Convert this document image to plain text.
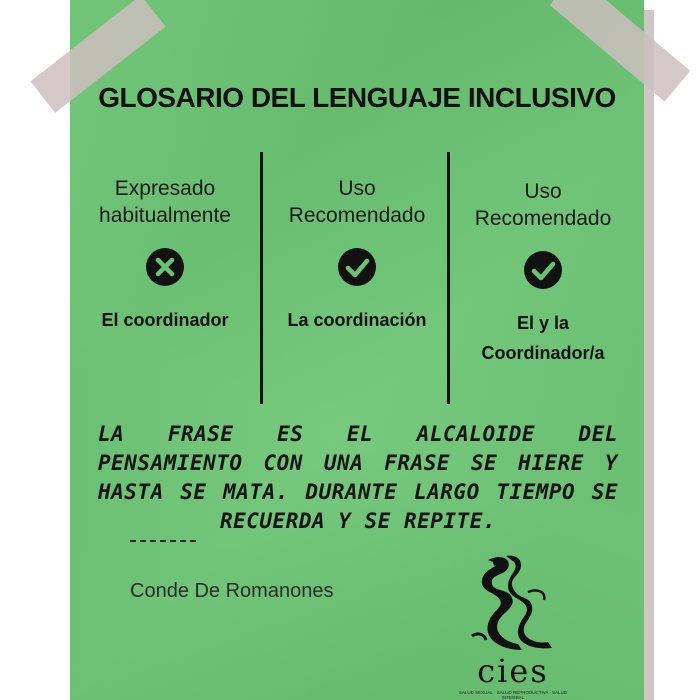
GLOSARIO DEL LENGUAJE INCLUSIVO
Expresado
habitualmente
El coordinador
Uso
Recomendado
La coordinación
Uso
Recomendado
El y la
Coordinador/a
LA FRASE ES EL ALCALOIDE DEL PENSAMIENTO CON UNA FRASE SE HIERE Y HASTA SE MATA. DURANTE LARGO TIEMPO SE RECUERDA Y SE REPITE.
Conde De Romanones
cies
SALUD SEXUAL · SALUD REPRODUCTIVA · SALUD INTEGRAL
